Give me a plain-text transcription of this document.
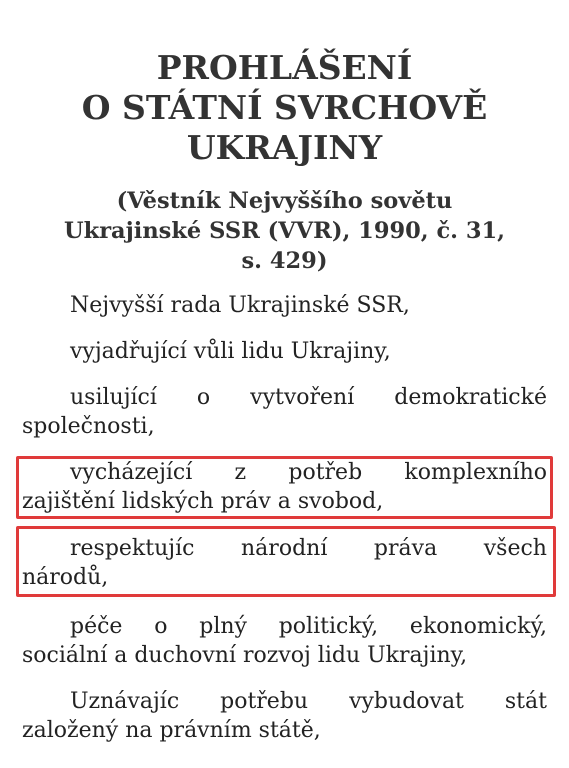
PROHLÁŠENÍ
O STÁTNÍ SVRCHOVĚ
UKRAJINY
(Věstník Nejvyššího sovětu
Ukrajinské SSR (VVR), 1990, č. 31,
s. 429)
Nejvyšší rada Ukrajinské SSR,
vyjadřující vůli lidu Ukrajiny,
usilující o vytvoření demokratické
společnosti,
vycházející z potřeb komplexního
zajištění lidských práv a svobod,
respektujíc národní práva všech
národů,
péče o plný politický, ekonomický,
sociální a duchovní rozvoj lidu Ukrajiny,
Uznávajíc potřebu vybudovat stát
založený na právním státě,
